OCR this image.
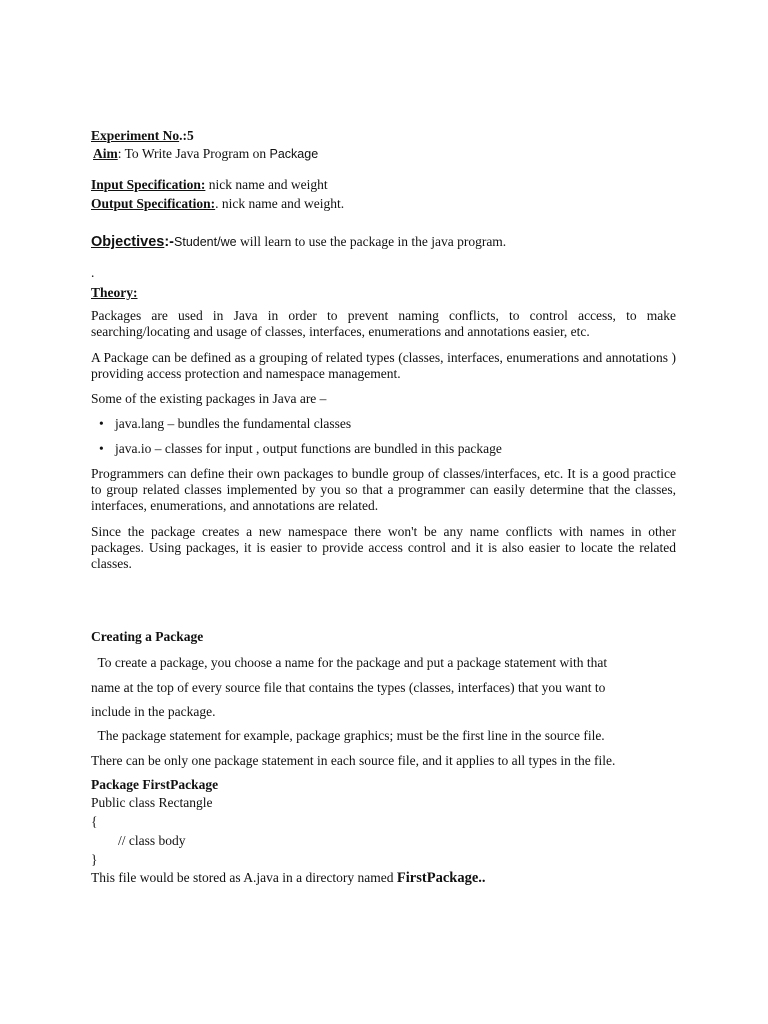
Experiment No.:5
Aim: To Write Java Program on Package
Input Specification: nick name and weight
Output Specification:. nick name and weight.
Objectives:-Student/we will learn to use the package in the java program.
.
Theory:
Packages are used in Java in order to prevent naming conflicts, to control access, to make searching/locating and usage of classes, interfaces, enumerations and annotations easier, etc.
A Package can be defined as a grouping of related types (classes, interfaces, enumerations and annotations ) providing access protection and namespace management.
Some of the existing packages in Java are –
• java.lang – bundles the fundamental classes
• java.io – classes for input , output functions are bundled in this package
Programmers can define their own packages to bundle group of classes/interfaces, etc. It is a good practice to group related classes implemented by you so that a programmer can easily determine that the classes, interfaces, enumerations, and annotations are related.
Since the package creates a new namespace there won't be any name conflicts with names in other packages. Using packages, it is easier to provide access control and it is also easier to locate the related classes.
Creating a Package
To create a package, you choose a name for the package and put a package statement with that
name at the top of every source file that contains the types (classes, interfaces) that you want to
include in the package.
The package statement for example, package graphics; must be the first line in the source file.
There can be only one package statement in each source file, and it applies to all types in the file.
Package FirstPackage
Public class Rectangle
{
// class body
}
This file would be stored as A.java in a directory named FirstPackage..
